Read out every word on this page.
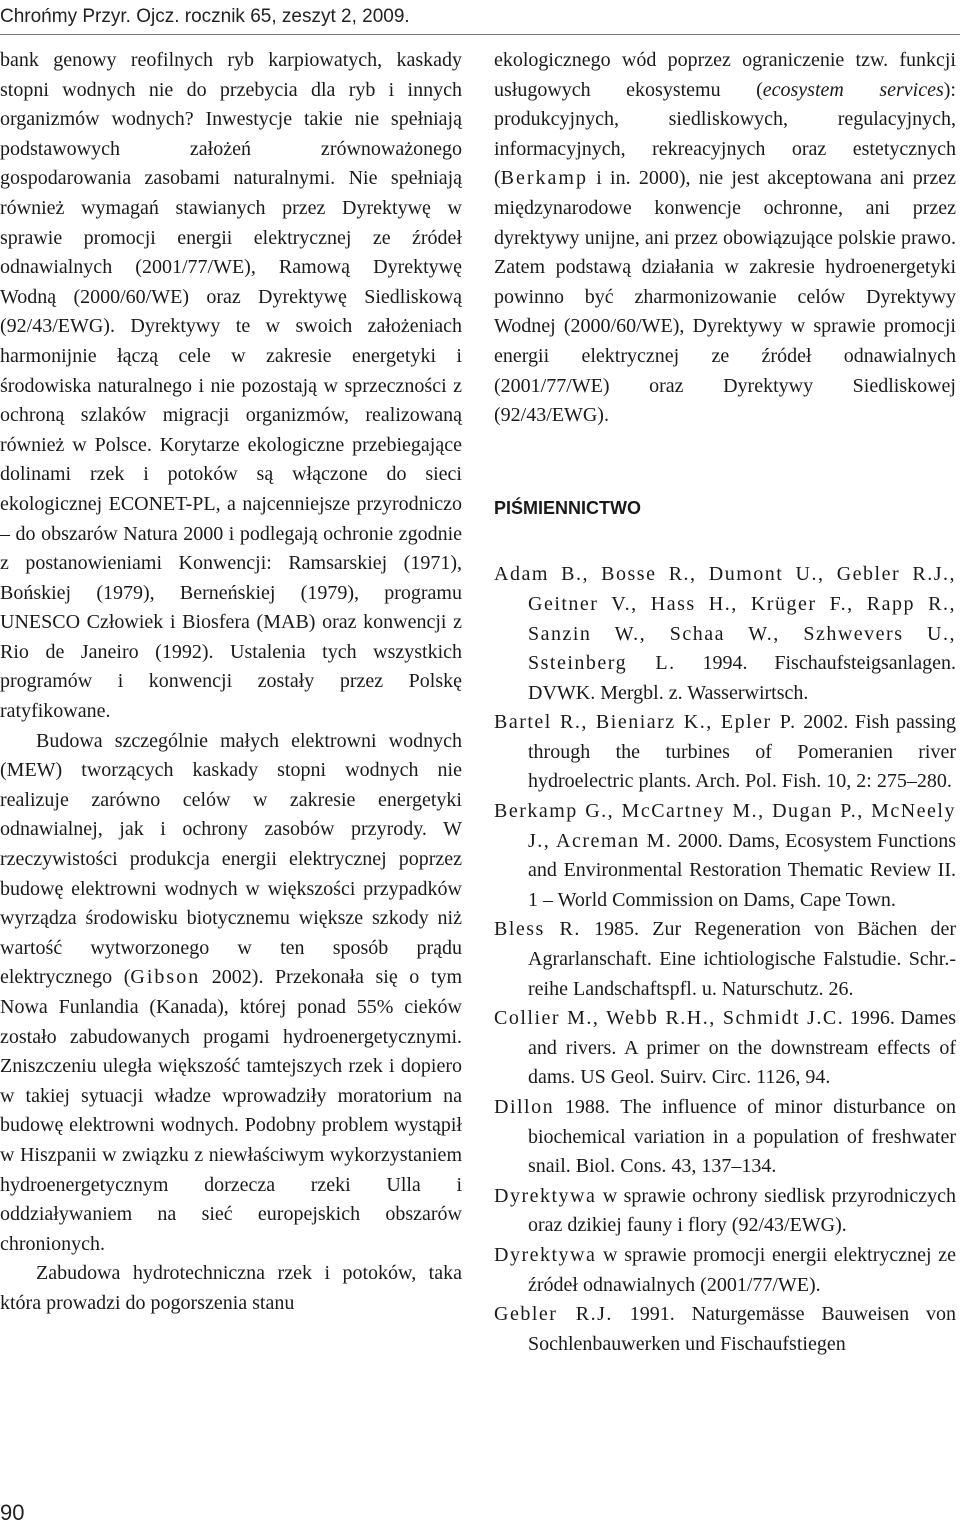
Chrońmy Przyr. Ojcz. rocznik 65, zeszyt 2, 2009.

bank genowy reofilnych ryb karpiowatych, kaskady stopni wodnych nie do przebycia dla ryb i innych organizmów wodnych? Inwestycje takie nie spełniają podstawowych założeń zrównoważonego gospodarowania zasobami naturalnymi. Nie spełniają również wymagań stawianych przez Dyrektywę w sprawie promocji energii elektrycznej ze źródeł odnawialnych (2001/77/WE), Ramową Dyrektywę Wodną (2000/60/WE) oraz Dyrektywę Siedliskową (92/43/EWG). Dyrektywy te w swoich założeniach harmonijnie łączą cele w zakresie energetyki i środowiska naturalnego i nie pozostają w sprzeczności z ochroną szlaków migracji organizmów, realizowaną również w Polsce. Korytarze ekologiczne przebiegające dolinami rzek i potoków są włączone do sieci ekologicznej ECONET-PL, a najcenniejsze przyrodniczo – do obszarów Natura 2000 i podlegają ochronie zgodnie z postanowieniami Konwencji: Ramsarskiej (1971), Bońskiej (1979), Berneńskiej (1979), programu UNESCO Człowiek i Biosfera (MAB) oraz konwencji z Rio de Janeiro (1992). Ustalenia tych wszystkich programów i konwencji zostały przez Polskę ratyfikowane.

Budowa szczególnie małych elektrowni wodnych (MEW) tworzących kaskady stopni wodnych nie realizuje zarówno celów w zakresie energetyki odnawialnej, jak i ochrony zasobów przyrody. W rzeczywistości produkcja energii elektrycznej poprzez budowę elektrowni wodnych w większości przypadków wyrządza środowisku biotycznemu większe szkody niż wartość wytworzonego w ten sposób prądu elektrycznego (Gibson 2002). Przekonała się o tym Nowa Funlandia (Kanada), której ponad 55% cieków zostało zabudowanych progami hydroenergetycznymi. Zniszczeniu uległa większość tamtejszych rzek i dopiero w takiej sytuacji władze wprowadziły moratorium na budowę elektrowni wodnych. Podobny problem wystąpił w Hiszpanii w związku z niewłaściwym wykorzystaniem hydroenergetycznym dorzecza rzeki Ulla i oddziaływaniem na sieć europejskich obszarów chronionych.

Zabudowa hydrotechniczna rzek i potoków, taka która prowadzi do pogorszenia stanu

ekologicznego wód poprzez ograniczenie tzw. funkcji usługowych ekosystemu (ecosystem services): produkcyjnych, siedliskowych, regulacyjnych, informacyjnych, rekreacyjnych oraz estetycznych (Berkamp i in. 2000), nie jest akceptowana ani przez międzynarodowe konwencje ochronne, ani przez dyrektywy unijne, ani przez obowiązujące polskie prawo. Zatem podstawą działania w zakresie hydroenergetyki powinno być zharmonizowanie celów Dyrektywy Wodnej (2000/60/WE), Dyrektywy w sprawie promocji energii elektrycznej ze źródeł odnawialnych (2001/77/WE) oraz Dyrektywy Siedliskowej (92/43/EWG).

PIŚMIENNICTWO

Adam B., Bosse R., Dumont U., Gebler R.J., Geitner V., Hass H., Krüger F., Rapp R., Sanzin W., Schaa W., Szhwevers U., Ssteinberg L. 1994. Fischaufsteigsanlagen. DVWK. Mergbl. z. Wasserwirtsch.

Bartel R., Bieniarz K., Epler P. 2002. Fish passing through the turbines of Pomeranien river hydroelectric plants. Arch. Pol. Fish. 10, 2: 275–280.

Berkamp G., McCartney M., Dugan P., McNeely J., Acreman M. 2000. Dams, Ecosystem Functions and Environmental Restoration Thematic Review II. 1 – World Commission on Dams, Cape Town.

Bless R. 1985. Zur Regeneration von Bächen der Agrarlanschaft. Eine ichtiologische Falstudie. Schr.-reihe Landschaftspfl. u. Naturschutz. 26.

Collier M., Webb R.H., Schmidt J.C. 1996. Dames and rivers. A primer on the downstream effects of dams. US Geol. Suirv. Circ. 1126, 94.

Dillon 1988. The influence of minor disturbance on biochemical variation in a population of freshwater snail. Biol. Cons. 43, 137–134.

Dyrektywa w sprawie ochrony siedlisk przyrodniczych oraz dzikiej fauny i flory (92/43/EWG).

Dyrektywa w sprawie promocji energii elektrycznej ze źródeł odnawialnych (2001/77/WE).

Gebler R.J. 1991. Naturgemässe Bauweisen von Sochlenbauwerken und Fischaufstiegen

90
